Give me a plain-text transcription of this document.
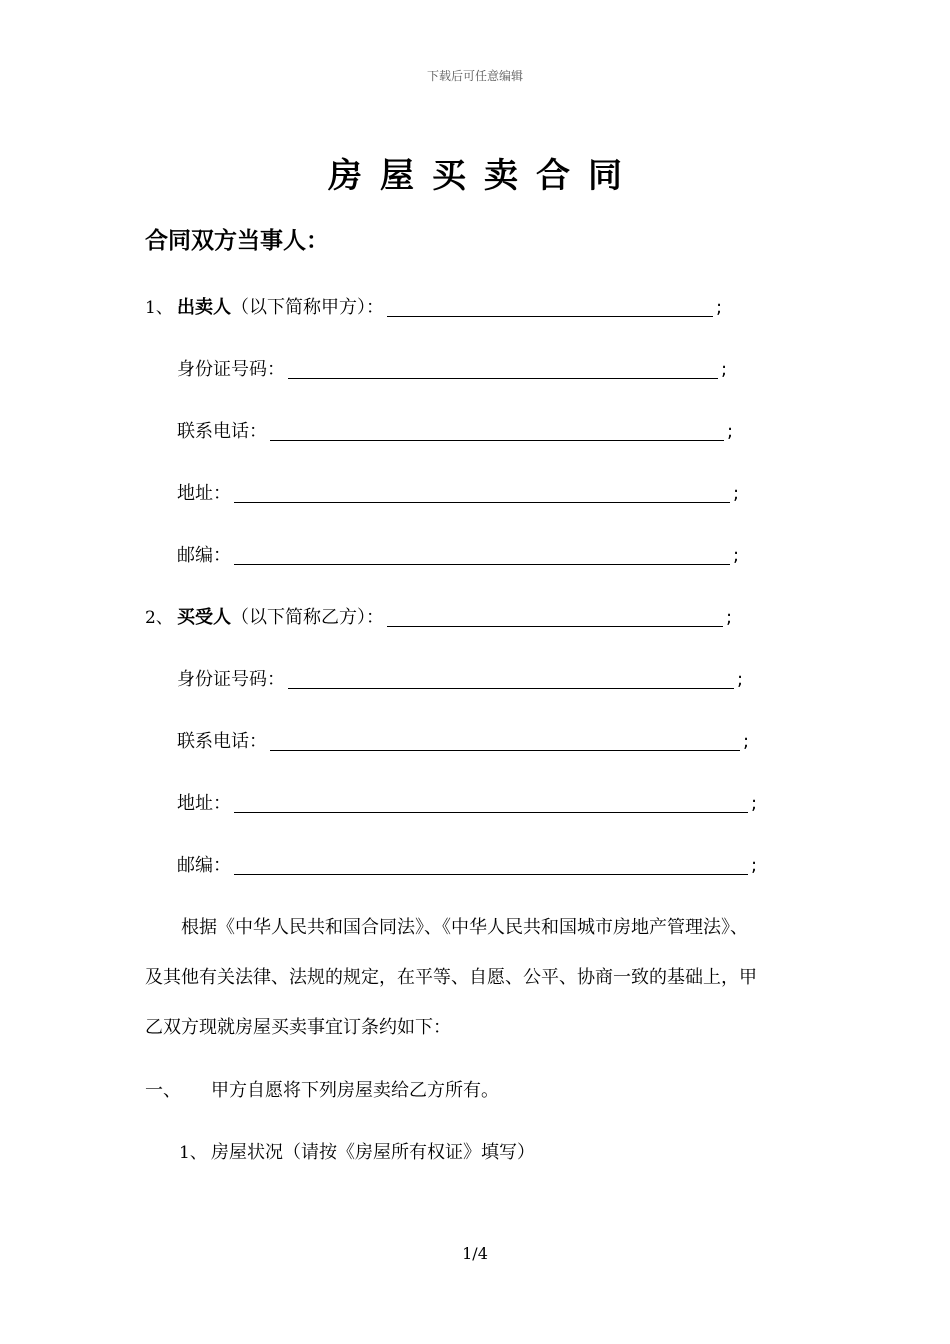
下载后可任意编辑
房屋买卖合同
合同双方当事人：
1、 出卖人 （以下简称甲方）：	;
身份证号码：	;
联系电话：	;
地址：	;
邮编：	;
2、 买受人 （以下简称乙方）：	;
身份证号码：	;
联系电话：	;
地址：	;
邮编：	;
根据《中华人民共和国合同法》、《中华人民共和国城市房地产管理法》、
及其他有关法律、法规的规定，在平等、自愿、公平、协商一致的基础上，甲
乙双方现就房屋买卖事宜订条约如下：
一、	甲方自愿将下列房屋卖给乙方所有。
1、 房屋状况（请按《房屋所有权证》填写）
1/4
